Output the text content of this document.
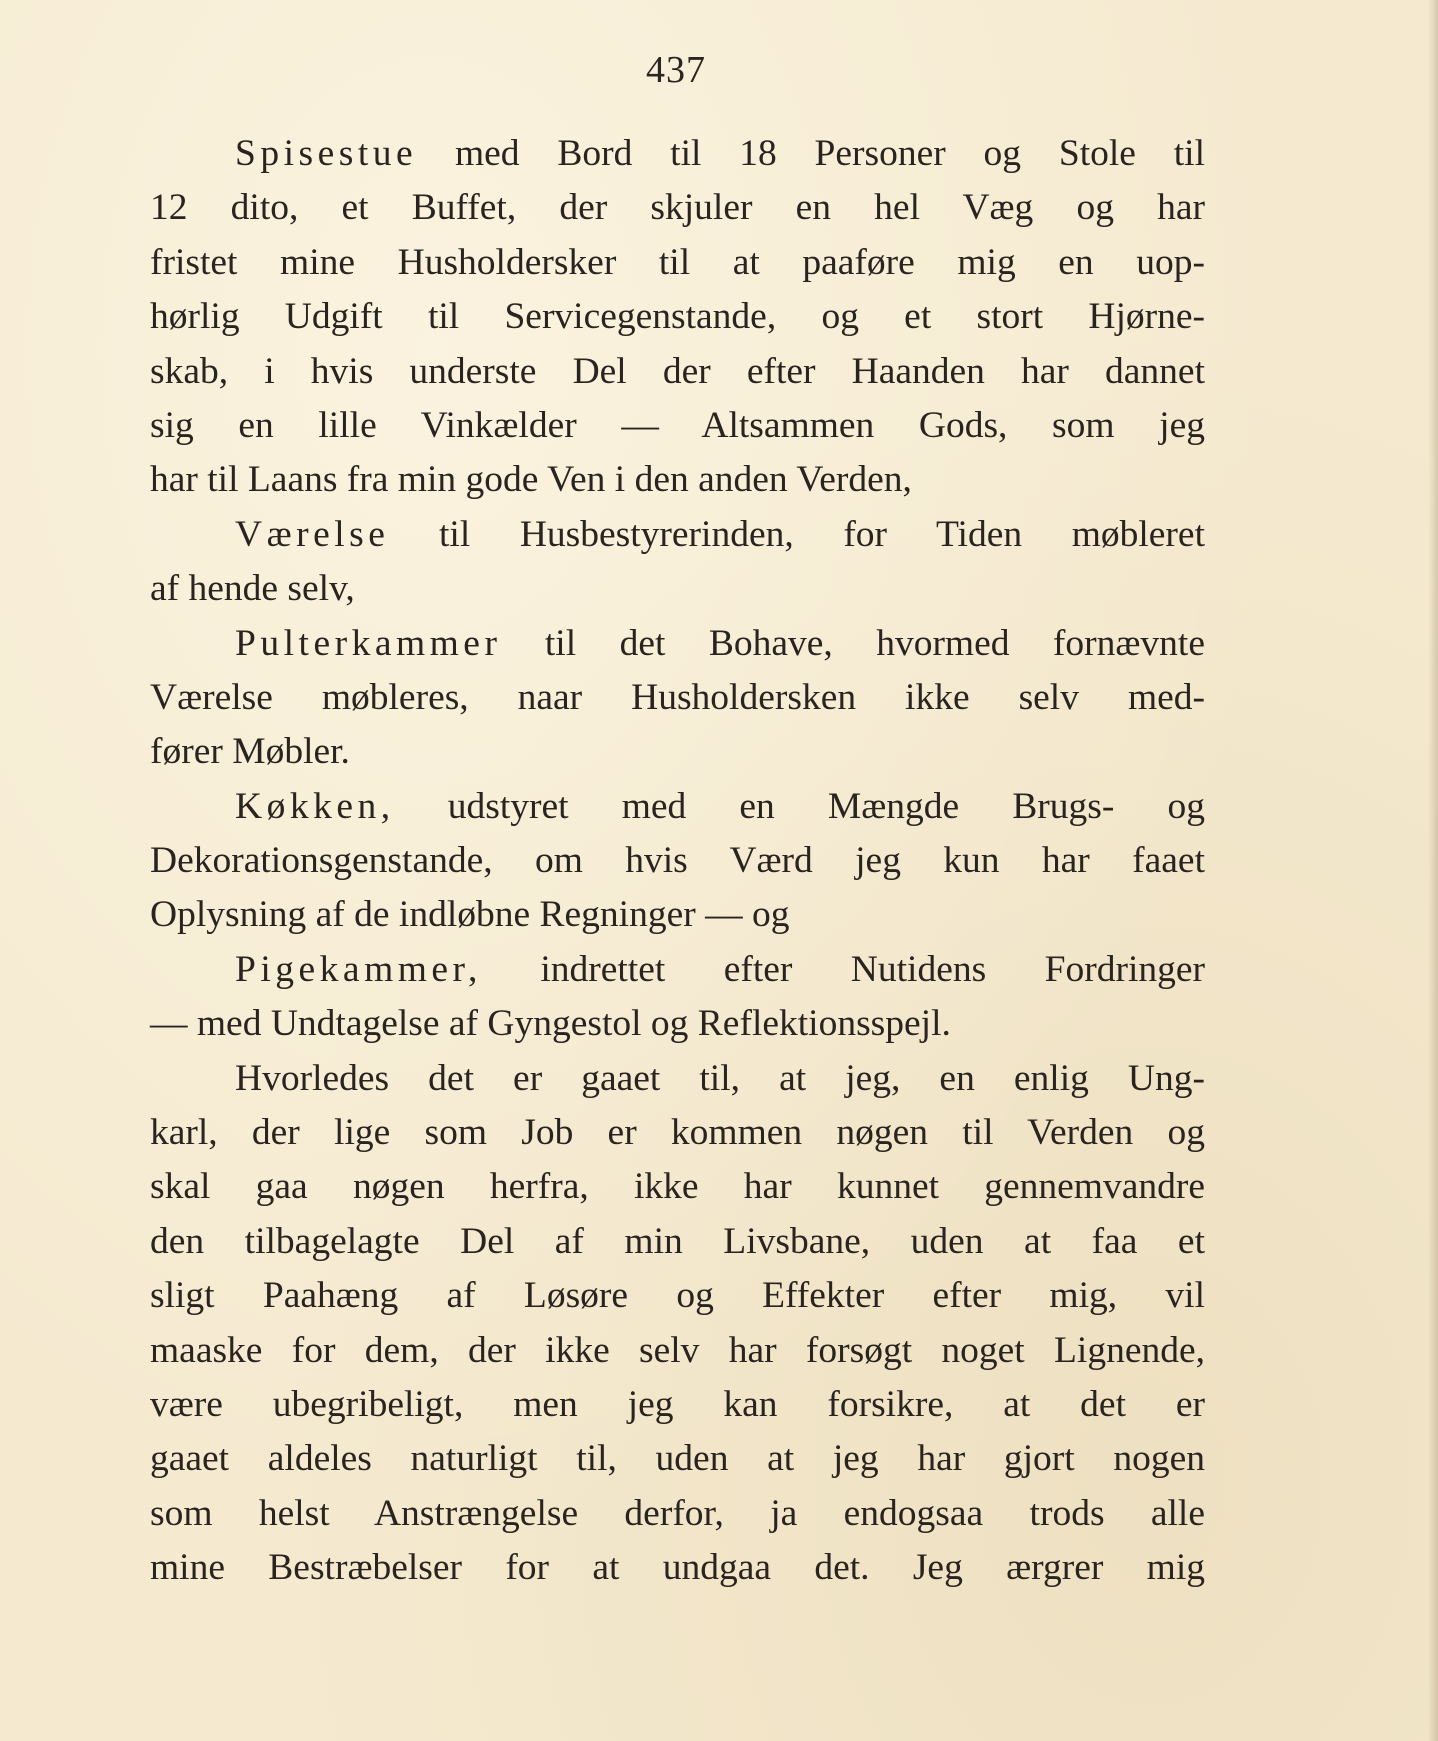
437
Spisestue med Bord til 18 Personer og Stole til
12 dito, et Buffet, der skjuler en hel Væg og har
fristet mine Husholdersker til at paaføre mig en uop-
hørlig Udgift til Servicegenstande, og et stort Hjørne-
skab, i hvis underste Del der efter Haanden har dannet
sig en lille Vinkælder — Altsammen Gods, som jeg
har til Laans fra min gode Ven i den anden Verden,
Værelse til Husbestyrerinden, for Tiden møbleret
af hende selv,
Pulterkammer til det Bohave, hvormed fornævnte
Værelse møbleres, naar Husholdersken ikke selv med-
fører Møbler.
Køkken, udstyret med en Mængde Brugs- og
Dekorationsgenstande, om hvis Værd jeg kun har faaet
Oplysning af de indløbne Regninger — og
Pigekammer, indrettet efter Nutidens Fordringer
— med Undtagelse af Gyngestol og Reflektionsspejl.
Hvorledes det er gaaet til, at jeg, en enlig Ung-
karl, der lige som Job er kommen nøgen til Verden og
skal gaa nøgen herfra, ikke har kunnet gennemvandre
den tilbagelagte Del af min Livsbane, uden at faa et
sligt Paahæng af Løsøre og Effekter efter mig, vil
maaske for dem, der ikke selv har forsøgt noget Lignende,
være ubegribeligt, men jeg kan forsikre, at det er
gaaet aldeles naturligt til, uden at jeg har gjort nogen
som helst Anstrængelse derfor, ja endogsaa trods alle
mine Bestræbelser for at undgaa det. Jeg ærgrer mig
